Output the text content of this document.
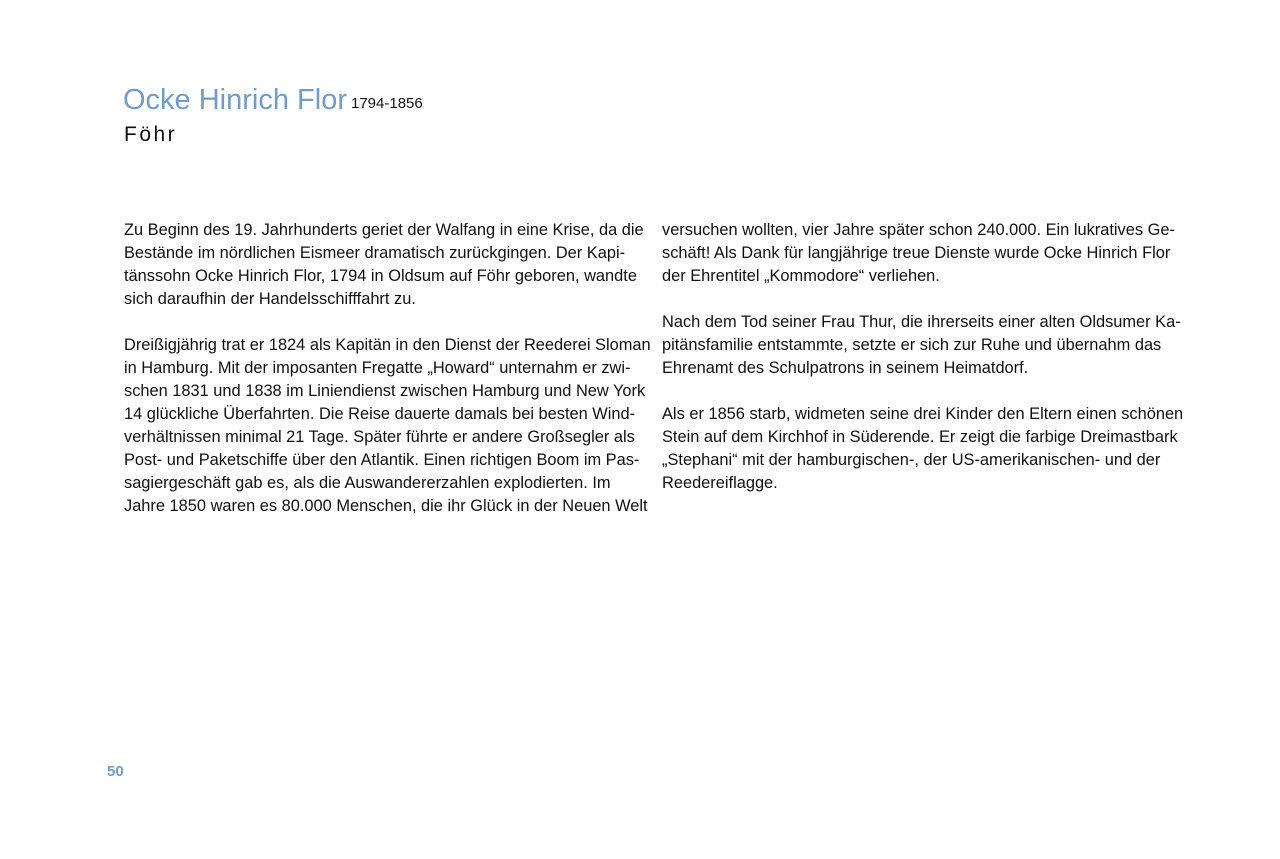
Ocke Hinrich Flor 1794-1856
Föhr

Zu Beginn des 19. Jahrhunderts geriet der Walfang in eine Krise, da die
Bestände im nördlichen Eismeer dramatisch zurückgingen. Der Kapi-
tänssohn Ocke Hinrich Flor, 1794 in Oldsum auf Föhr geboren, wandte
sich daraufhin der Handelsschifffahrt zu.

Dreißigjährig trat er 1824 als Kapitän in den Dienst der Reederei Sloman
in Hamburg. Mit der imposanten Fregatte „Howard“ unternahm er zwi-
schen 1831 und 1838 im Liniendienst zwischen Hamburg und New York
14 glückliche Überfahrten. Die Reise dauerte damals bei besten Wind-
verhältnissen minimal 21 Tage. Später führte er andere Großsegler als
Post- und Paketschiffe über den Atlantik. Einen richtigen Boom im Pas-
sagiergeschäft gab es, als die Auswandererzahlen explodierten. Im
Jahre 1850 waren es 80.000 Menschen, die ihr Glück in der Neuen Welt

versuchen wollten, vier Jahre später schon 240.000. Ein lukratives Ge-
schäft! Als Dank für langjährige treue Dienste wurde Ocke Hinrich Flor
der Ehrentitel „Kommodore“ verliehen.

Nach dem Tod seiner Frau Thur, die ihrerseits einer alten Oldsumer Ka-
pitänsfamilie entstammte, setzte er sich zur Ruhe und übernahm das
Ehrenamt des Schulpatrons in seinem Heimatdorf.

Als er 1856 starb, widmeten seine drei Kinder den Eltern einen schönen
Stein auf dem Kirchhof in Süderende. Er zeigt die farbige Dreimastbark
„Stephani“ mit der hamburgischen-, der US-amerikanischen- und der
Reedereiflagge.

50
